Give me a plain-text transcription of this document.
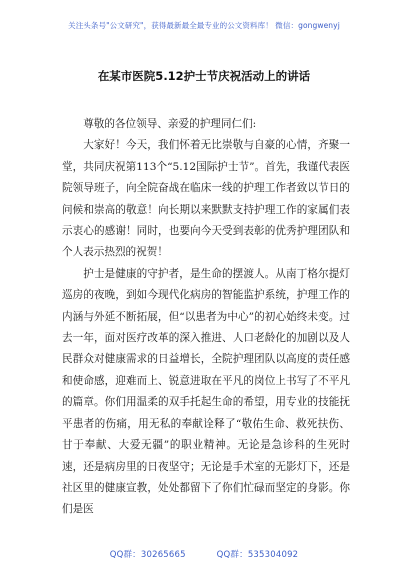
关注头条号"公文研究"，获得最新最全最专业的公文资料库！ 微信：gongwenyj
在某市医院5.12护士节庆祝活动上的讲话

尊敬的各位领导、亲爱的护理同仁们:

大家好！今天，我们怀着无比崇敬与自豪的心情，齐聚一堂，共同庆祝第113个“5.12国际护士节”。首先，我谨代表医院领导班子，向全院奋战在临床一线的护理工作者致以节日的问候和崇高的敬意！向长期以来默默支持护理工作的家属们表示衷心的感谢！同时，也要向今天受到表彰的优秀护理团队和个人表示热烈的祝贺！

护士是健康的守护者，是生命的摆渡人。从南丁格尔提灯巡房的夜晚，到如今现代化病房的智能监护系统，护理工作的内涵与外延不断拓展，但“以患者为中心”的初心始终未变。过去一年，面对医疗改革的深入推进、人口老龄化的加剧以及人民群众对健康需求的日益增长，全院护理团队以高度的责任感和使命感，迎难而上、锐意进取在平凡的岗位上书写了不平凡的篇章。你们用温柔的双手托起生命的希望，用专业的技能抚平患者的伤痛，用无私的奉献诠释了“敬佑生命、救死扶伤、甘于奉献、大爱无疆”的职业精神。无论是急诊科的生死时速，还是病房里的日夜坚守；无论是手术室的无影灯下，还是社区里的健康宣教，处处都留下了你们忙碌而坚定的身影。你们是医

QQ群：30265665	QQ群：535304092
